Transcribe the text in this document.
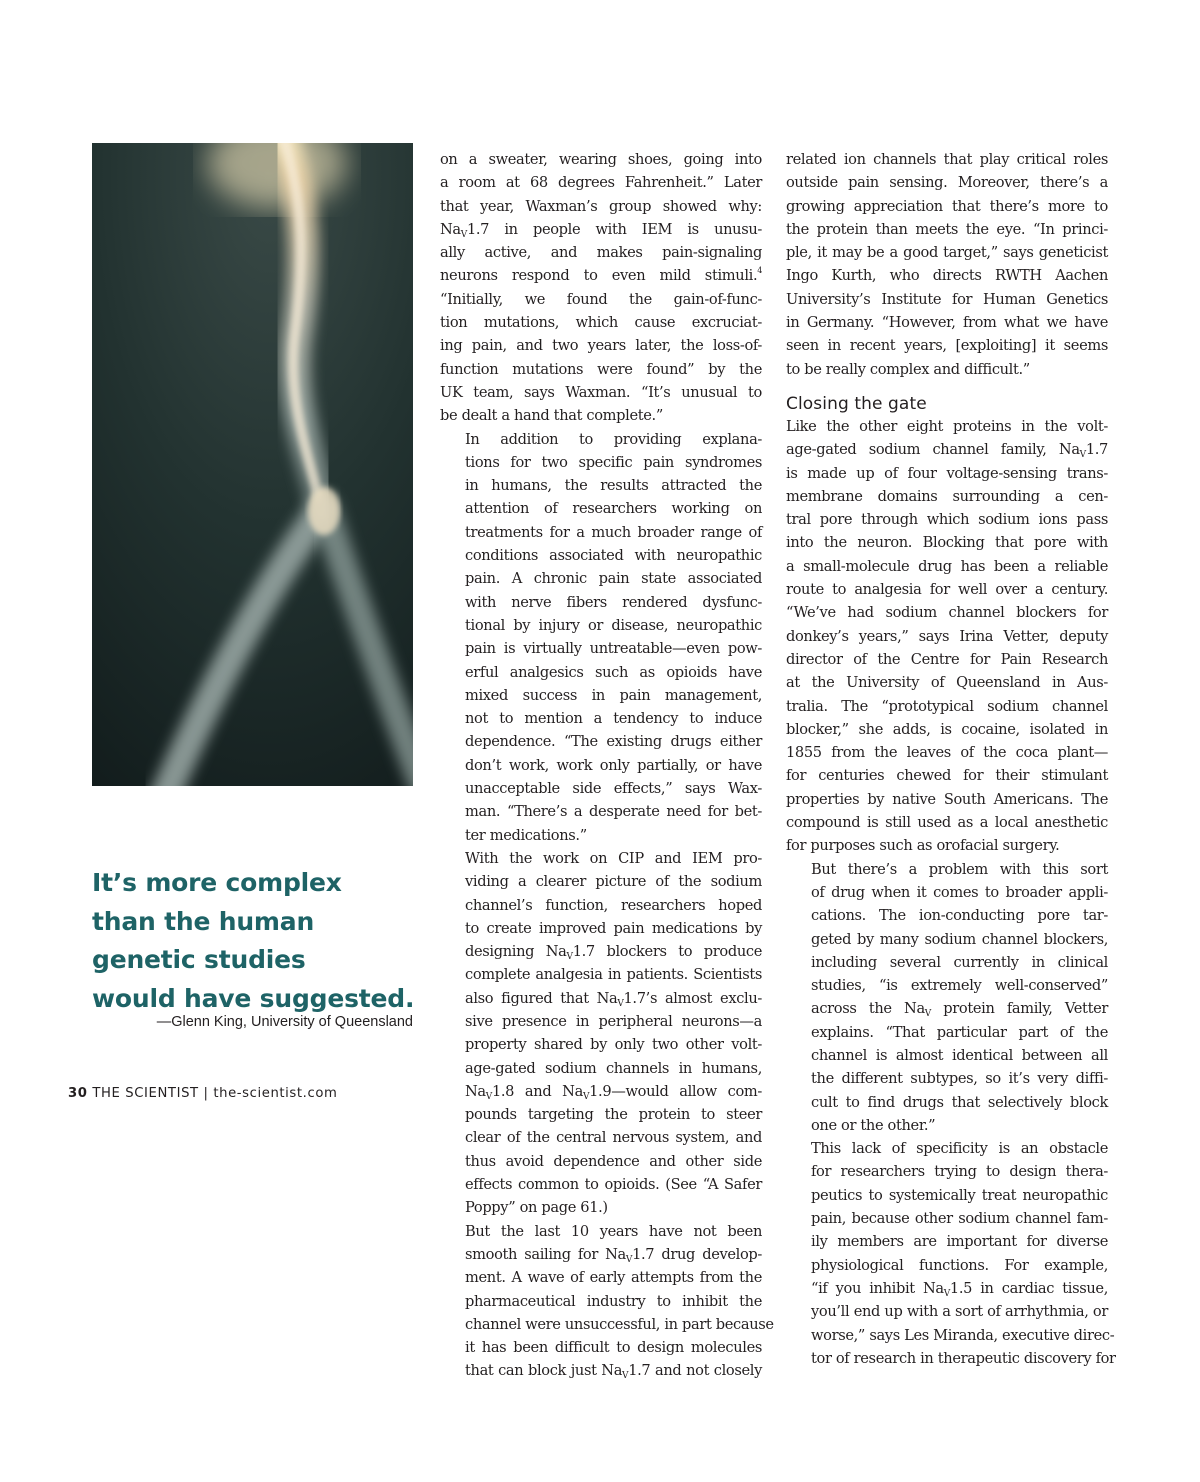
It’s more complex
than the human
genetic studies
would have suggested.
—Glenn King, University of Queensland

on a sweater, wearing shoes, going into
a room at 68 degrees Fahrenheit.” Later
that year, Waxman’s group showed why:
$Na_V1.7$ in people with IEM is unusu-
ally active, and makes pain-signaling
neurons respond to even mild stimuli.$^4$
“Initially, we found the gain-of-func-
tion mutations, which cause excruciat-
ing pain, and two years later, the loss-of-
function mutations were found” by the
UK team, says Waxman. “It’s unusual to
be dealt a hand that complete.”

In addition to providing explana-
tions for two specific pain syndromes
in humans, the results attracted the
attention of researchers working on
treatments for a much broader range of
conditions associated with neuropathic
pain. A chronic pain state associated
with nerve fibers rendered dysfunc-
tional by injury or disease, neuropathic
pain is virtually untreatable—even pow-
erful analgesics such as opioids have
mixed success in pain management,
not to mention a tendency to induce
dependence. “The existing drugs either
don’t work, work only partially, or have
unacceptable side effects,” says Wax-
man. “There’s a desperate need for bet-
ter medications.”

With the work on CIP and IEM pro-
viding a clearer picture of the sodium
channel’s function, researchers hoped
to create improved pain medications by
designing $Na_V1.7$ blockers to produce
complete analgesia in patients. Scientists
also figured that $Na_V1.7’s$ almost exclu-
sive presence in peripheral neurons—a
property shared by only two other volt-
age-gated sodium channels in humans,
$Na_V1.8$ and $Na_V1.9—would$ allow com-
pounds targeting the protein to steer
clear of the central nervous system, and
thus avoid dependence and other side
effects common to opioids. (See “A Safer
Poppy” on page 61.)

But the last 10 years have not been
smooth sailing for $Na_V1.7$ drug develop-
ment. A wave of early attempts from the
pharmaceutical industry to inhibit the
channel were unsuccessful, in part because
it has been difficult to design molecules
that can block just $Na_V1.7$ and not closely

related ion channels that play critical roles
outside pain sensing. Moreover, there’s a
growing appreciation that there’s more to
the protein than meets the eye. “In princi-
ple, it may be a good target,” says geneticist
Ingo Kurth, who directs RWTH Aachen
University’s Institute for Human Genetics
in Germany. “However, from what we have
seen in recent years, [exploiting] it seems
to be really complex and difficult.”

Closing the gate

Like the other eight proteins in the volt-
age-gated sodium channel family, $Na_V1.7$
is made up of four voltage-sensing trans-
membrane domains surrounding a cen-
tral pore through which sodium ions pass
into the neuron. Blocking that pore with
a small-molecule drug has been a reliable
route to analgesia for well over a century.
“We’ve had sodium channel blockers for
donkey’s years,” says Irina Vetter, deputy
director of the Centre for Pain Research
at the University of Queensland in Aus-
tralia. The “prototypical sodium channel
blocker,” she adds, is cocaine, isolated in
1855 from the leaves of the coca plant—
for centuries chewed for their stimulant
properties by native South Americans. The
compound is still used as a local anesthetic
for purposes such as orofacial surgery.

But there’s a problem with this sort
of drug when it comes to broader appli-
cations. The ion-conducting pore tar-
geted by many sodium channel blockers,
including several currently in clinical
studies, “is extremely well-conserved”
across the $Na_V$ protein family, Vetter
explains. “That particular part of the
channel is almost identical between all
the different subtypes, so it’s very diffi-
cult to find drugs that selectively block
one or the other.”

This lack of specificity is an obstacle
for researchers trying to design thera-
peutics to systemically treat neuropathic
pain, because other sodium channel fam-
ily members are important for diverse
physiological functions. For example,
“if you inhibit $Na_V1.5$ in cardiac tissue,
you’ll end up with a sort of arrhythmia, or
worse,” says Les Miranda, executive direc-
tor of research in therapeutic discovery for

30 THE SCIENTIST | the-scientist.com
